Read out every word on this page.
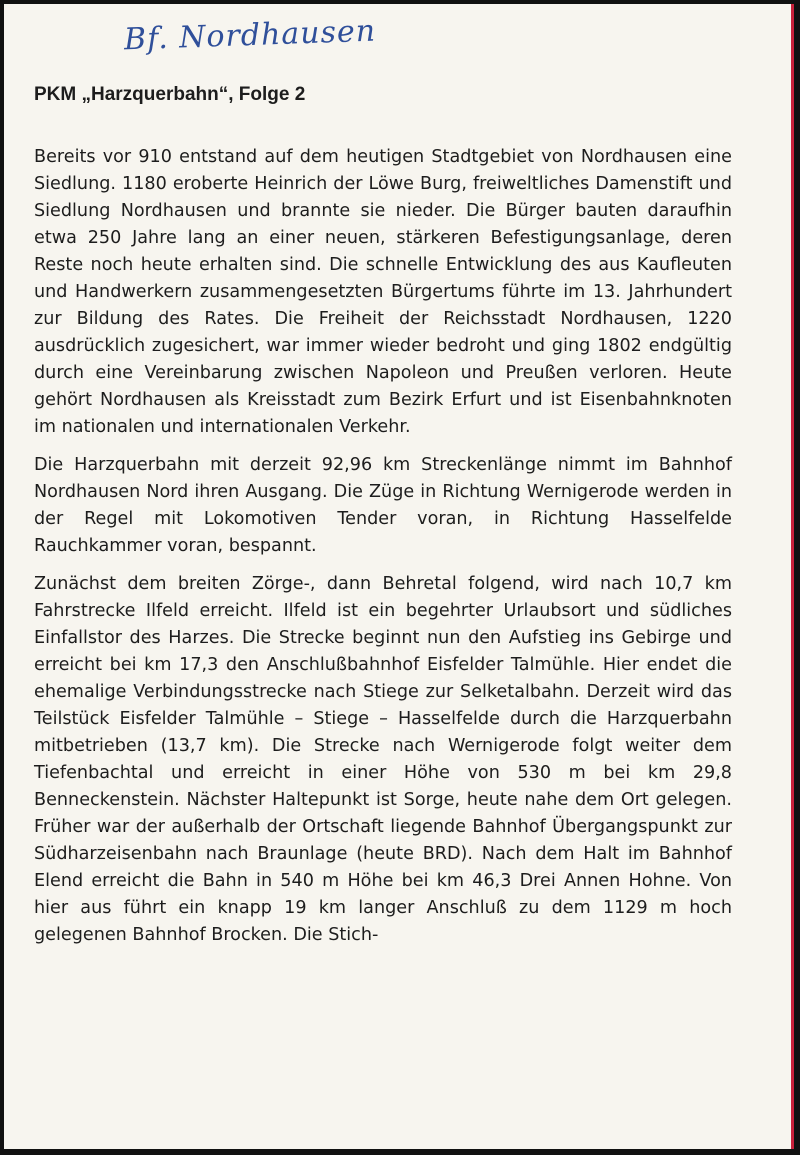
Bf. Nordhausen
PKM „Harzquerbahn“, Folge 2

Bereits vor 910 entstand auf dem heutigen Stadtgebiet von Nordhausen eine Siedlung. 1180 eroberte Heinrich der Löwe Burg, freiweltliches Damenstift und Siedlung Nordhausen und brannte sie nieder. Die Bürger bauten daraufhin etwa 250 Jahre lang an einer neuen, stärkeren Befestigungsanlage, deren Reste noch heute erhalten sind. Die schnelle Entwicklung des aus Kaufleuten und Handwerkern zusammengesetzten Bürgertums führte im 13. Jahrhundert zur Bildung des Rates. Die Freiheit der Reichsstadt Nordhausen, 1220 ausdrücklich zugesichert, war immer wieder bedroht und ging 1802 endgültig durch eine Vereinbarung zwischen Napoleon und Preußen verloren. Heute gehört Nordhausen als Kreisstadt zum Bezirk Erfurt und ist Eisenbahnknoten im nationalen und internationalen Verkehr.

Die Harzquerbahn mit derzeit 92,96 km Streckenlänge nimmt im Bahnhof Nordhausen Nord ihren Ausgang. Die Züge in Richtung Wernigerode werden in der Regel mit Lokomotiven Tender voran, in Richtung Hasselfelde Rauchkammer voran, bespannt.

Zunächst dem breiten Zörge-, dann Behretal folgend, wird nach 10,7 km Fahrstrecke Ilfeld erreicht. Ilfeld ist ein begehrter Urlaubsort und südliches Einfallstor des Harzes. Die Strecke beginnt nun den Aufstieg ins Gebirge und erreicht bei km 17,3 den Anschlußbahnhof Eisfelder Talmühle. Hier endet die ehemalige Verbindungsstrecke nach Stiege zur Selketalbahn. Derzeit wird das Teilstück Eisfelder Talmühle – Stiege – Hasselfelde durch die Harzquerbahn mitbetrieben (13,7 km). Die Strecke nach Wernigerode folgt weiter dem Tiefenbachtal und erreicht in einer Höhe von 530 m bei km 29,8 Benneckenstein. Nächster Haltepunkt ist Sorge, heute nahe dem Ort gelegen. Früher war der außerhalb der Ortschaft liegende Bahnhof Übergangspunkt zur Südharzeisenbahn nach Braunlage (heute BRD). Nach dem Halt im Bahnhof Elend erreicht die Bahn in 540 m Höhe bei km 46,3 Drei Annen Hohne. Von hier aus führt ein knapp 19 km langer Anschluß zu dem 1129 m hoch gelegenen Bahnhof Brocken. Die Stich-
